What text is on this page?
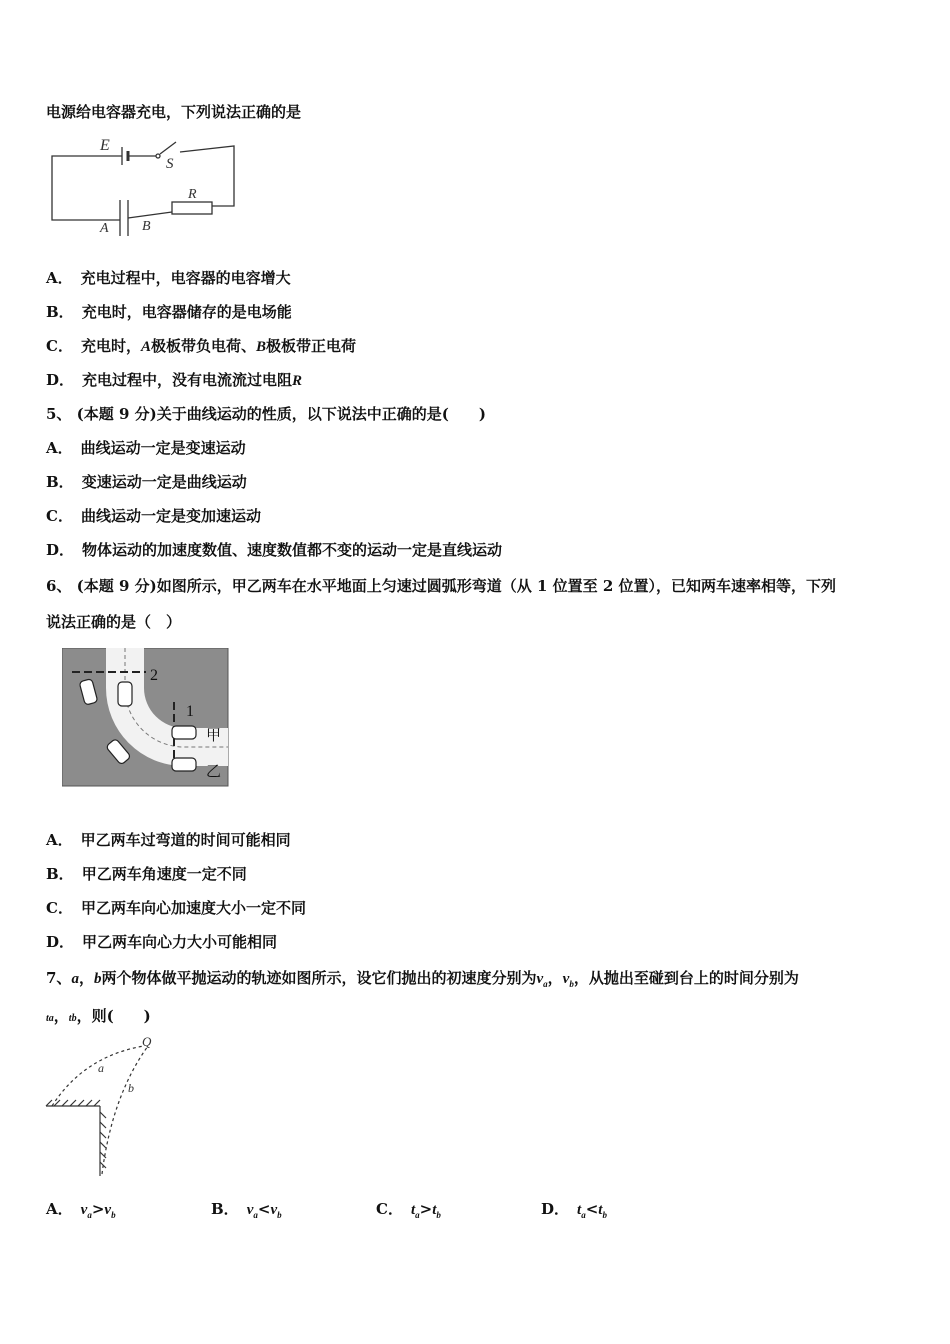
电源给电容器充电，下列说法正确的是
E
S
R
A B
A． 充电过程中，电容器的电容增大
B． 充电时，电容器储存的是电场能
C． 充电时，A极板带负电荷、B极板带正电荷
D． 充电过程中，没有电流流过电阻R
5、 (本题 9 分)关于曲线运动的性质，以下说法中正确的是(　　)
A． 曲线运动一定是变速运动
B． 变速运动一定是曲线运动
C． 曲线运动一定是变加速运动
D． 物体运动的加速度数值、速度数值都不变的运动一定是直线运动
6、 (本题 9 分)如图所示，甲乙两车在水平地面上匀速过圆弧形弯道（从 1 位置至 2 位置），已知两车速率相等，下列
说法正确的是（　）
2
1
甲
乙
A． 甲乙两车过弯道的时间可能相同
B． 甲乙两车角速度一定不同
C． 甲乙两车向心加速度大小一定不同
D． 甲乙两车向心力大小可能相同
7、a，b两个物体做平抛运动的轨迹如图所示，设它们抛出的初速度分别为$v_a$，$v_b$，从抛出至碰到台上的时间分别为
ta，tb，则(　　)
Q
a
b
A． $v_a>v_b$	B． $v_a<v_b$	C． $t_a>t_b$	D． $t_a<t_b$
